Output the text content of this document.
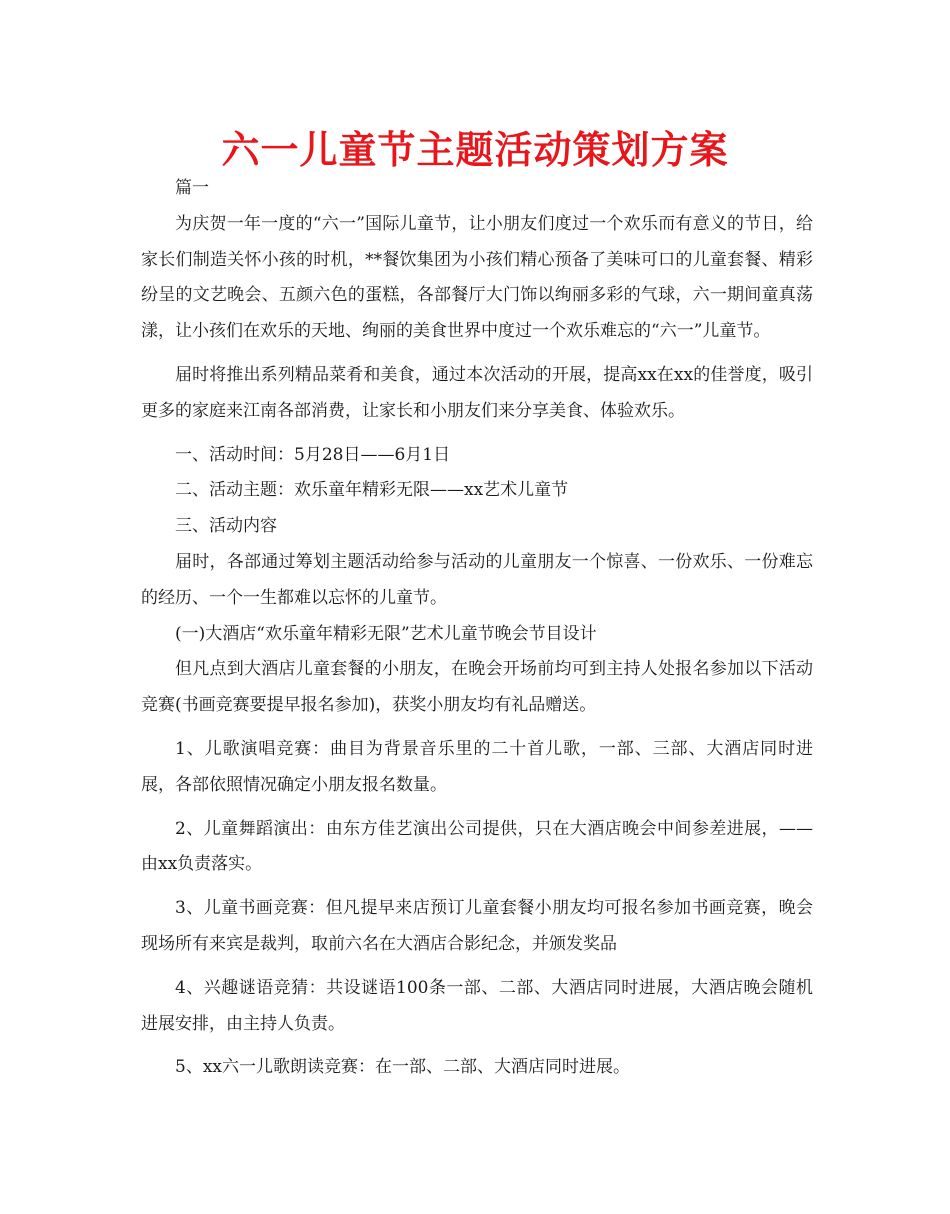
六一儿童节主题活动策划方案

篇一

为庆贺一年一度的“六一”国际儿童节，让小朋友们度过一个欢乐而有意义的节日，给家长们制造关怀小孩的时机，**餐饮集团为小孩们精心预备了美味可口的儿童套餐、精彩纷呈的文艺晚会、五颜六色的蛋糕，各部餐厅大门饰以绚丽多彩的气球，六一期间童真荡漾，让小孩们在欢乐的天地、绚丽的美食世界中度过一个欢乐难忘的“六一”儿童节。

届时将推出系列精品菜肴和美食，通过本次活动的开展，提高xx在xx的佳誉度，吸引更多的家庭来江南各部消费，让家长和小朋友们来分享美食、体验欢乐。

一、活动时间：5月28日——6月1日

二、活动主题：欢乐童年精彩无限——xx艺术儿童节

三、活动内容

届时，各部通过筹划主题活动给参与活动的儿童朋友一个惊喜、一份欢乐、一份难忘的经历、一个一生都难以忘怀的儿童节。

(一)大酒店“欢乐童年精彩无限”艺术儿童节晚会节目设计

但凡点到大酒店儿童套餐的小朋友，在晚会开场前均可到主持人处报名参加以下活动竞赛(书画竞赛要提早报名参加)，获奖小朋友均有礼品赠送。

1、儿歌演唱竞赛：曲目为背景音乐里的二十首儿歌，一部、三部、大酒店同时进展，各部依照情况确定小朋友报名数量。

2、儿童舞蹈演出：由东方佳艺演出公司提供，只在大酒店晚会中间参差进展，——由xx负责落实。

3、儿童书画竞赛：但凡提早来店预订儿童套餐小朋友均可报名参加书画竞赛，晚会现场所有来宾是裁判，取前六名在大酒店合影纪念，并颁发奖品

4、兴趣谜语竞猜：共设谜语100条一部、二部、大酒店同时进展，大酒店晚会随机进展安排，由主持人负责。

5、xx六一儿歌朗读竞赛：在一部、二部、大酒店同时进展。
